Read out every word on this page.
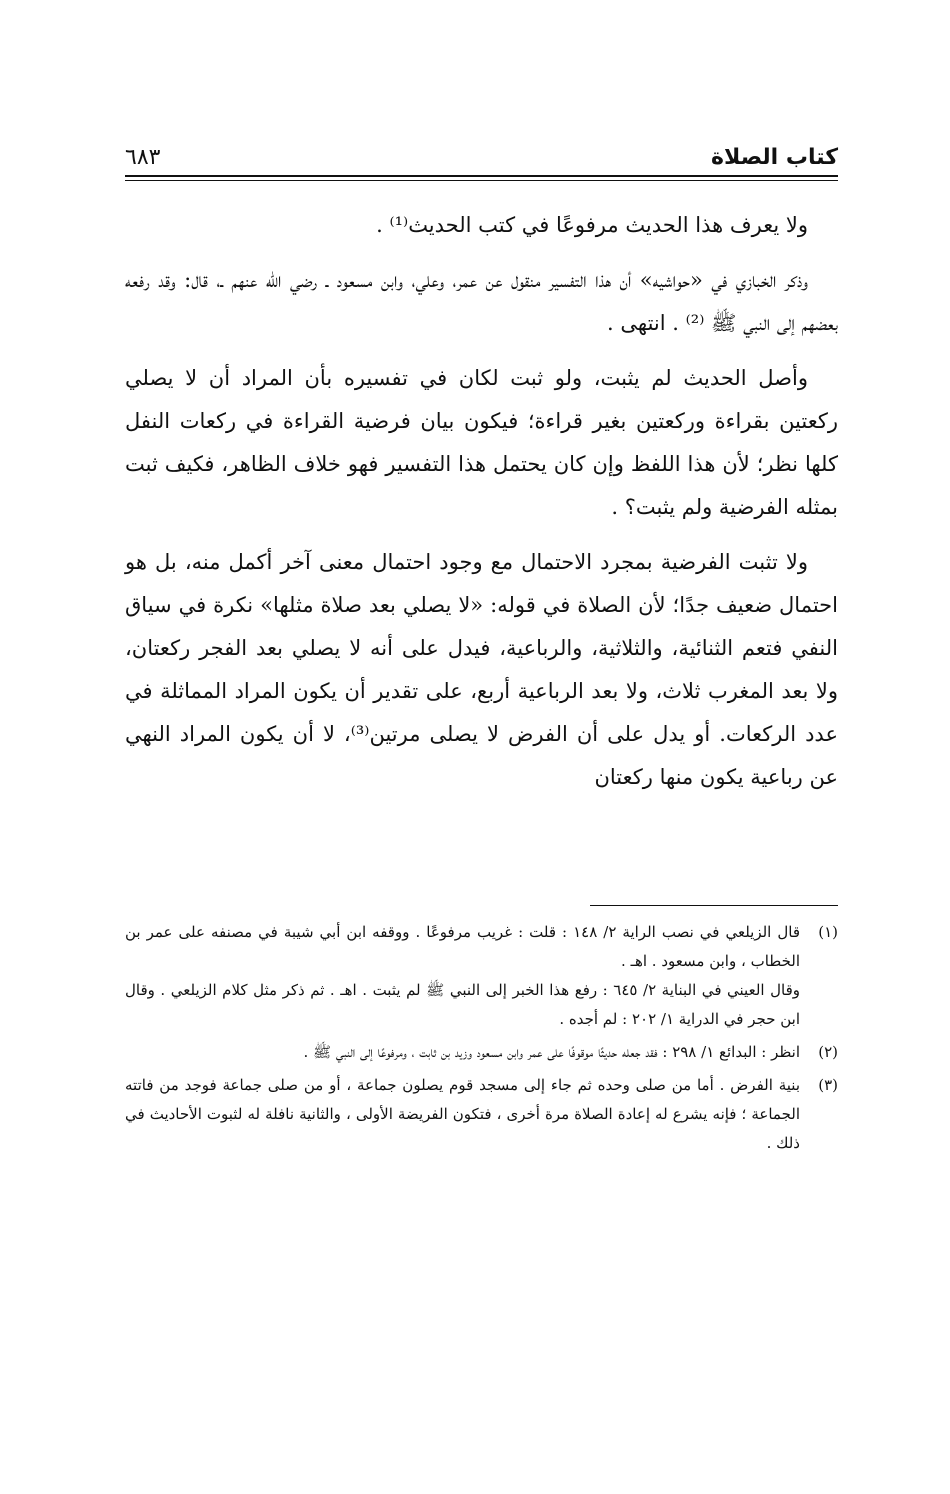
كتاب الصلاة
٦٨٣

ولا يعرف هذا الحديث مرفوعًا في كتب الحديث⁽¹⁾ .

وذكر الخبازي في «حواشيه» أن هذا التفسير منقول عن عمر، وعلي، وابن مسعود ـ رضي الله عنهم ـ، قال: وقد رفعه بعضهم إلى النبي ﷺ ⁽²⁾ . انتهى .

وأصل الحديث لم يثبت، ولو ثبت لكان في تفسيره بأن المراد أن لا يصلي ركعتين بقراءة وركعتين بغير قراءة؛ فيكون بيان فرضية القراءة في ركعات النفل كلها نظر؛ لأن هذا اللفظ وإن كان يحتمل هذا التفسير فهو خلاف الظاهر، فكيف ثبت بمثله الفرضية ولم يثبت؟ .

ولا تثبت الفرضية بمجرد الاحتمال مع وجود احتمال معنى آخر أكمل منه، بل هو احتمال ضعيف جدًا؛ لأن الصلاة في قوله: «لا يصلي بعد صلاة مثلها» نكرة في سياق النفي فتعم الثنائية، والثلاثية، والرباعية، فيدل على أنه لا يصلي بعد الفجر ركعتان، ولا بعد المغرب ثلاث، ولا بعد الرباعية أربع، على تقدير أن يكون المراد المماثلة في عدد الركعات. أو يدل على أن الفرض لا يصلى مرتين⁽³⁾، لا أن يكون المراد النهي عن رباعية يكون منها ركعتان

(١)

قال الزيلعي في نصب الراية ٢/ ١٤٨ : قلت : غريب مرفوعًا . ووقفه ابن أبي شيبة في مصنفه على عمر بن الخطاب ، وابن مسعود . اهـ .

وقال العيني في البناية ٢/ ٦٤٥ : رفع هذا الخبر إلى النبي ﷺ لم يثبت . اهـ . ثم ذكر مثل كلام الزيلعي . وقال ابن حجر في الدراية ١/ ٢٠٢ : لم أجده .

(٢)

انظر : البدائع ١/ ٢٩٨ : فقد جعله حديثًا موقوفًا على عمر وابن مسعود وزيد بن ثابت ، ومرفوعًا إلى النبي ﷺ .

(٣)

بنية الفرض . أما من صلى وحده ثم جاء إلى مسجد قوم يصلون جماعة ، أو من صلى جماعة فوجد من فاتته الجماعة ؛ فإنه يشرع له إعادة الصلاة مرة أخرى ، فتكون الفريضة الأولى ، والثانية نافلة له لثبوت الأحاديث في ذلك .
